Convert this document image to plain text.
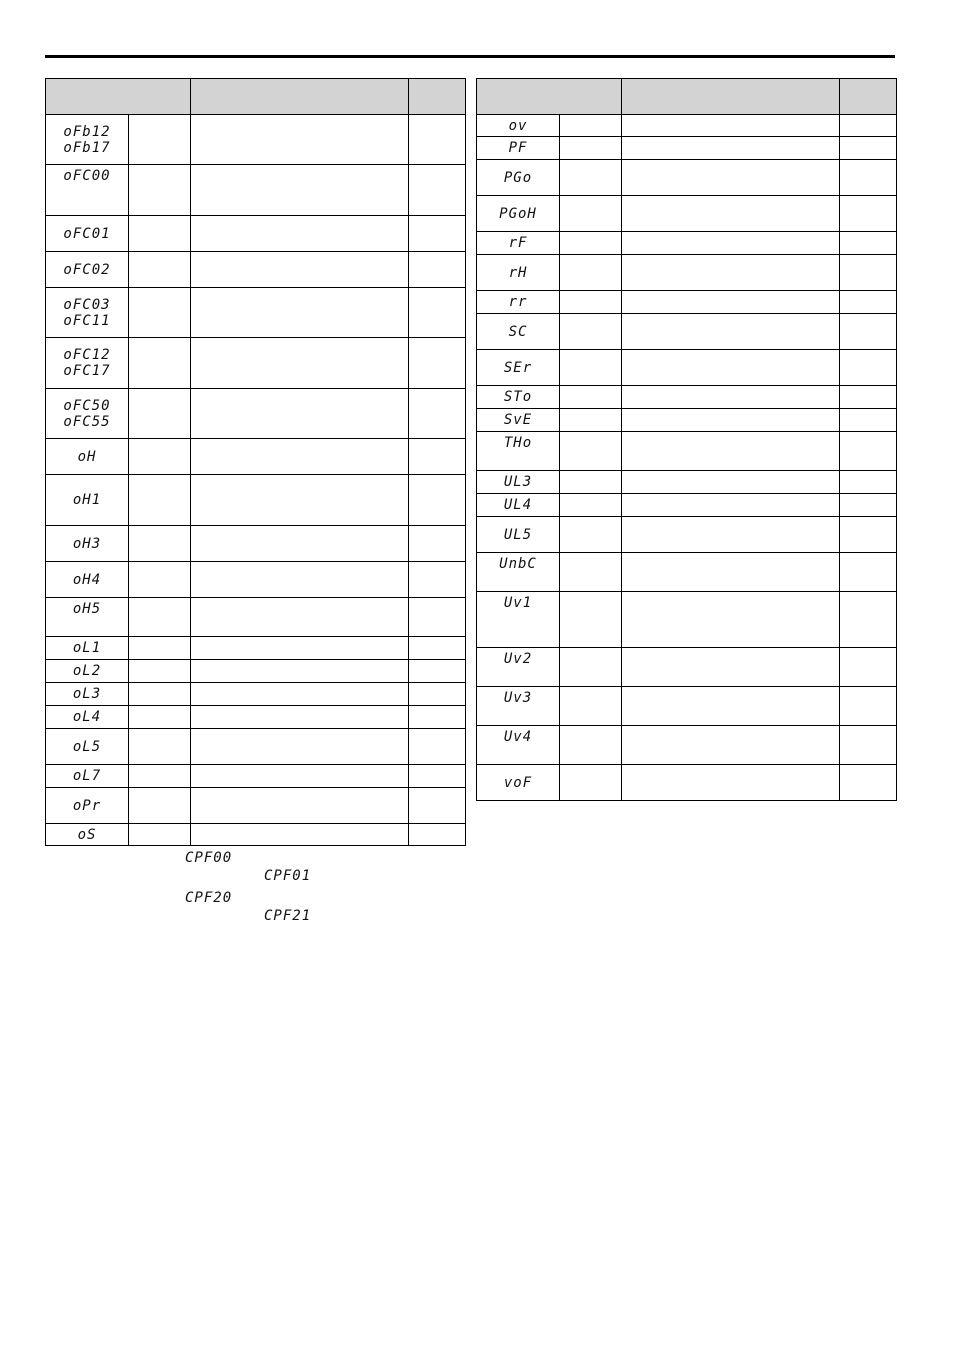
oFb12
oFb17			

oFC00			

oFC01			

oFC02			

oFC03
oFC11			

oFC12
oFC17			

oFC50
oFC55			

oH			

oH1			

oH3			

oH4			

oH5			

oL1			

oL2			

oL3			

oL4			

oL5			

oL7			

oPr			

oS			

ov			

PF			

PGo			

PGoH			

rF			

rH			

rr			

SC			

SEr			

STo			

SvE			

THo			

UL3			

UL4			

UL5			

UnbC			

Uv1			

Uv2			

Uv3			

Uv4			

voF			

CPF00
CPF01
CPF20
CPF21
